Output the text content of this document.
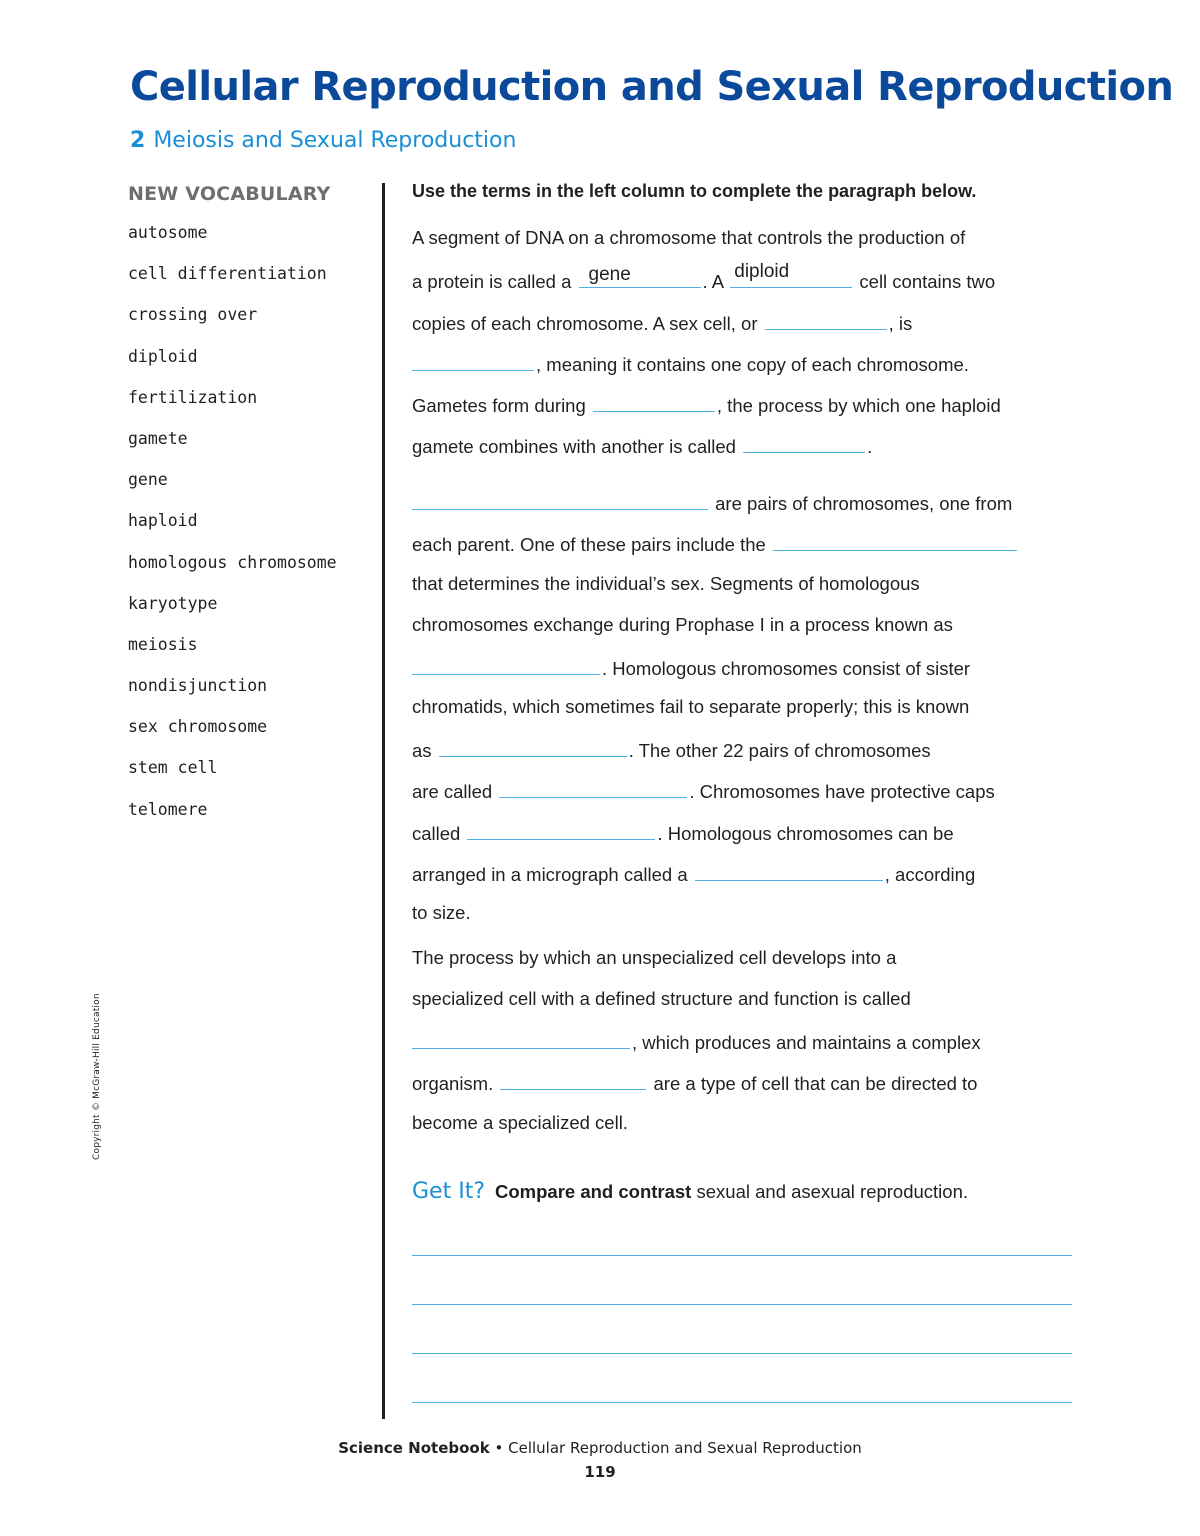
Cellular Reproduction and Sexual Reproduction
2 Meiosis and Sexual Reproduction
NEW VOCABULARY
autosome
cell differentiation
crossing over
diploid
fertilization
gamete
gene
haploid
homologous chromosome
karyotype
meiosis
nondisjunction
sex chromosome
stem cell
telomere

Use the terms in the left column to complete the paragraph below.

A segment of DNA on a chromosome that controls the production of
a protein is called a gene	. A diploid	cell contains two
copies of each chromosome. A sex cell, or	, is
, meaning it contains one copy of each chromosome.
Gametes form during	, the process by which one haploid
gamete combines with another is called	.
are pairs of chromosomes, one from
each parent. One of these pairs include the
that determines the individual’s sex. Segments of homologous
chromosomes exchange during Prophase I in a process known as
. Homologous chromosomes consist of sister
chromatids, which sometimes fail to separate properly; this is known
as	. The other 22 pairs of chromosomes
are called	. Chromosomes have protective caps
called	. Homologous chromosomes can be
arranged in a micrograph called a	, according
to size.
The process by which an unspecialized cell develops into a
specialized cell with a defined structure and function is called
, which produces and maintains a complex
organism.	are a type of cell that can be directed to
become a specialized cell.
Get It? Compare and contrast sexual and asexual reproduction.
Copyright © McGraw-Hill Education
Science Notebook • Cellular Reproduction and Sexual Reproduction
119
